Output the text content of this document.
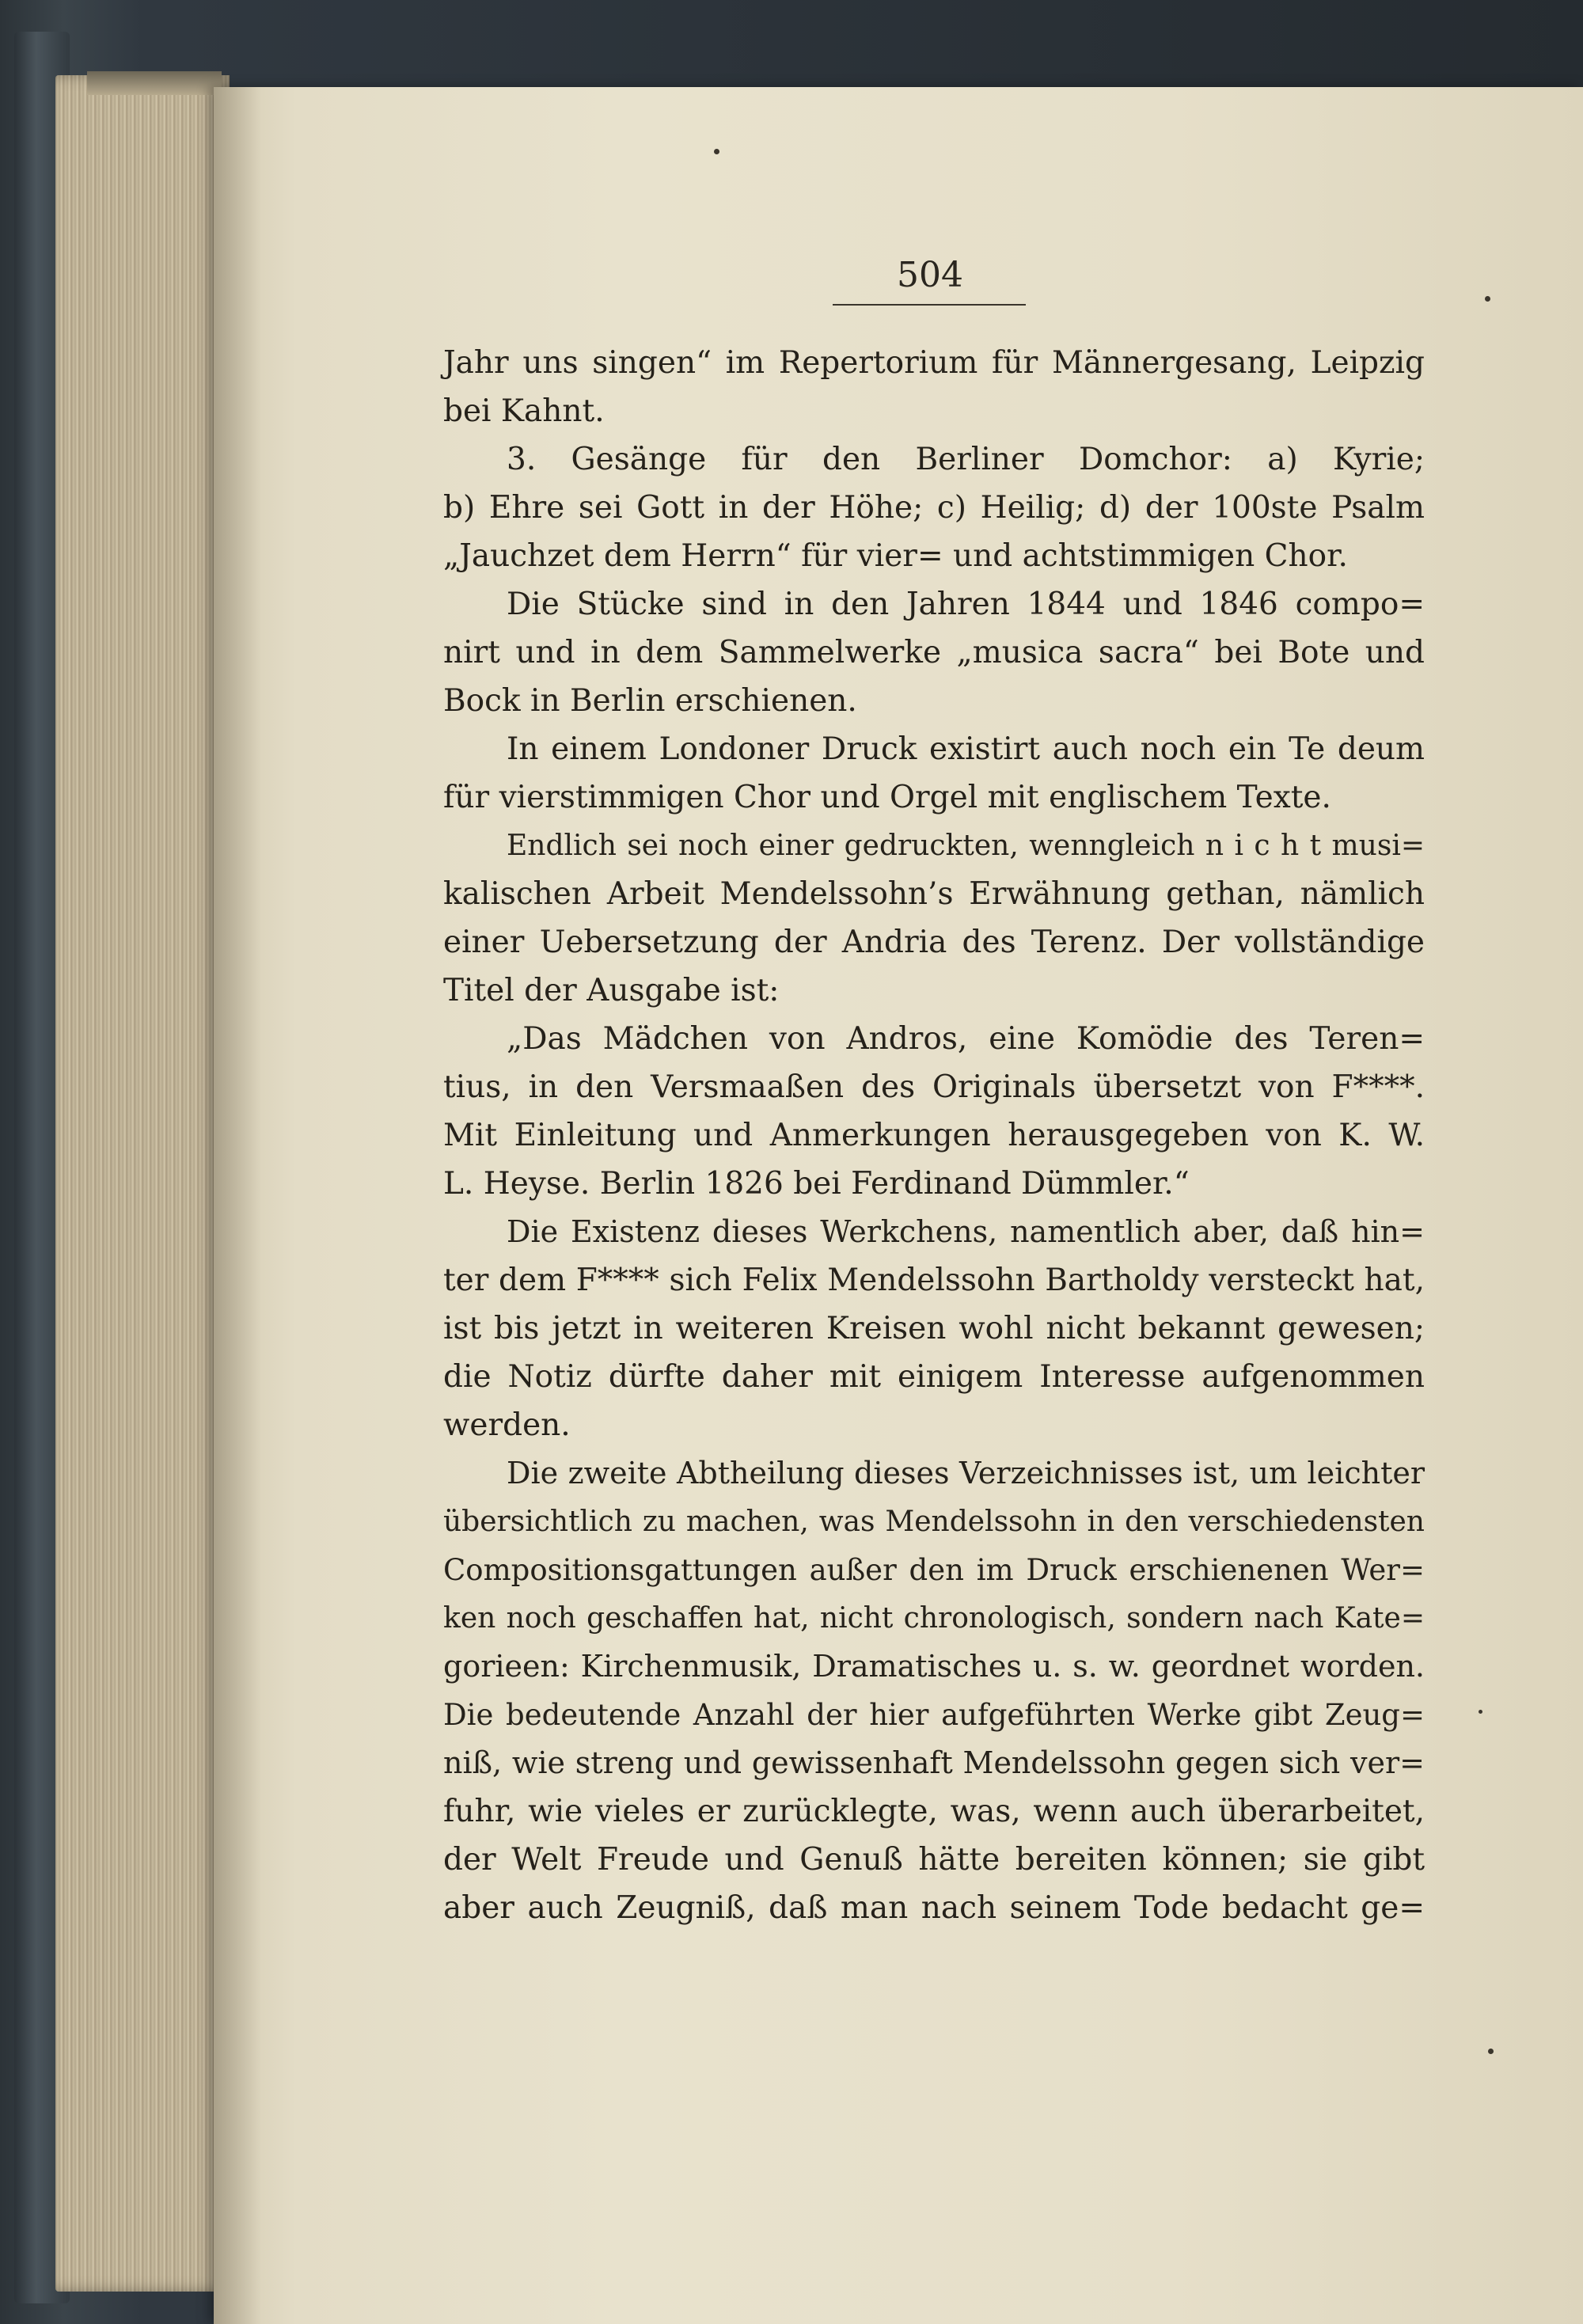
504
Jahr uns singen“ im Repertorium für Männergesang, Leipzig
bei Kahnt.
3. Gesänge für den Berliner Domchor: a) Kyrie;
b) Ehre sei Gott in der Höhe; c) Heilig; d) der 100ste Psalm
„Jauchzet dem Herrn“ für vier= und achtstimmigen Chor.
Die Stücke sind in den Jahren 1844 und 1846 compo=
nirt und in dem Sammelwerke „musica sacra“ bei Bote und
Bock in Berlin erschienen.
In einem Londoner Druck existirt auch noch ein Te deum
für vierstimmigen Chor und Orgel mit englischem Texte.
Endlich sei noch einer gedruckten, wenngleich n i c h t musi=
kalischen Arbeit Mendelssohn’s Erwähnung gethan, nämlich
einer Uebersetzung der Andria des Terenz. Der vollständige
Titel der Ausgabe ist:
„Das Mädchen von Andros, eine Komödie des Teren=
tius, in den Versmaaßen des Originals übersetzt von F****.
Mit Einleitung und Anmerkungen herausgegeben von K. W.
L. Heyse. Berlin 1826 bei Ferdinand Dümmler.“
Die Existenz dieses Werkchens, namentlich aber, daß hin=
ter dem F**** sich Felix Mendelssohn Bartholdy versteckt hat,
ist bis jetzt in weiteren Kreisen wohl nicht bekannt gewesen;
die Notiz dürfte daher mit einigem Interesse aufgenommen
werden.
Die zweite Abtheilung dieses Verzeichnisses ist, um leichter
übersichtlich zu machen, was Mendelssohn in den verschiedensten
Compositionsgattungen außer den im Druck erschienenen Wer=
ken noch geschaffen hat, nicht chronologisch, sondern nach Kate=
gorieen: Kirchenmusik, Dramatisches u. s. w. geordnet worden.
Die bedeutende Anzahl der hier aufgeführten Werke gibt Zeug=
niß, wie streng und gewissenhaft Mendelssohn gegen sich ver=
fuhr, wie vieles er zurücklegte, was, wenn auch überarbeitet,
der Welt Freude und Genuß hätte bereiten können; sie gibt
aber auch Zeugniß, daß man nach seinem Tode bedacht ge=
